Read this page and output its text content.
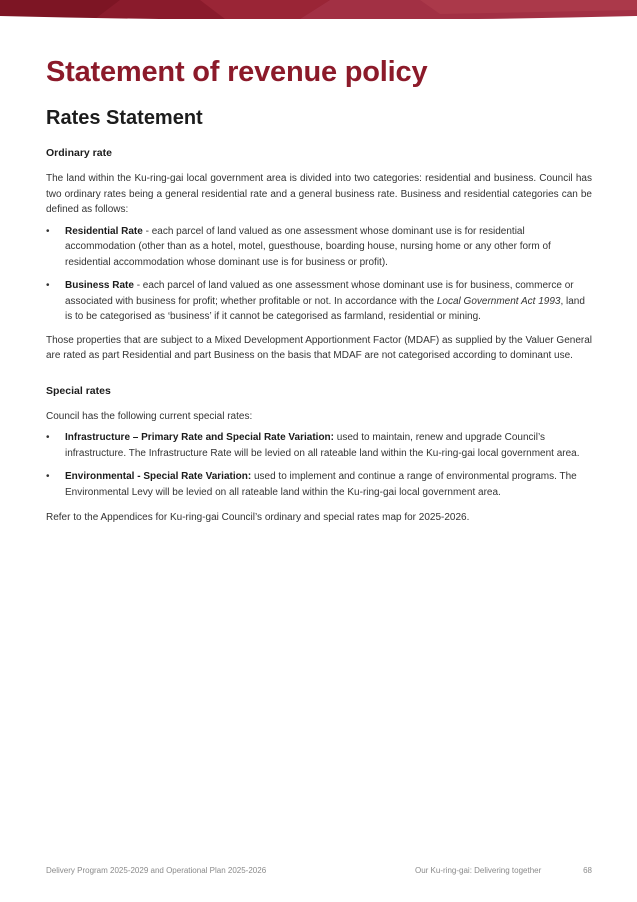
Statement of revenue policy
Rates Statement
Ordinary rate

The land within the Ku-ring-gai local government area is divided into two categories: residential and business. Council has two ordinary rates being a general residential rate and a general business rate. Business and residential categories can be defined as follows:

• Residential Rate - each parcel of land valued as one assessment whose dominant use is for residential accommodation (other than as a hotel, motel, guesthouse, boarding house, nursing home or any other form of residential accommodation whose dominant use is for business or profit).
• Business Rate - each parcel of land valued as one assessment whose dominant use is for business, commerce or associated with business for profit; whether profitable or not. In accordance with the Local Government Act 1993, land is to be categorised as ‘business’ if it cannot be categorised as farmland, residential or mining.

Those properties that are subject to a Mixed Development Apportionment Factor (MDAF) as supplied by the Valuer General are rated as part Residential and part Business on the basis that MDAF are not categorised according to dominant use.

Special rates

Council has the following current special rates:

• Infrastructure – Primary Rate and Special Rate Variation: used to maintain, renew and upgrade Council’s infrastructure. The Infrastructure Rate will be levied on all rateable land within the Ku-ring-gai local government area.
• Environmental - Special Rate Variation: used to implement and continue a range of environmental programs. The Environmental Levy will be levied on all rateable land within the Ku-ring-gai local government area.

Refer to the Appendices for Ku-ring-gai Council’s ordinary and special rates map for 2025-2026.

Delivery Program 2025-2029 and Operational Plan 2025-2026	Our Ku-ring-gai: Delivering together	68
